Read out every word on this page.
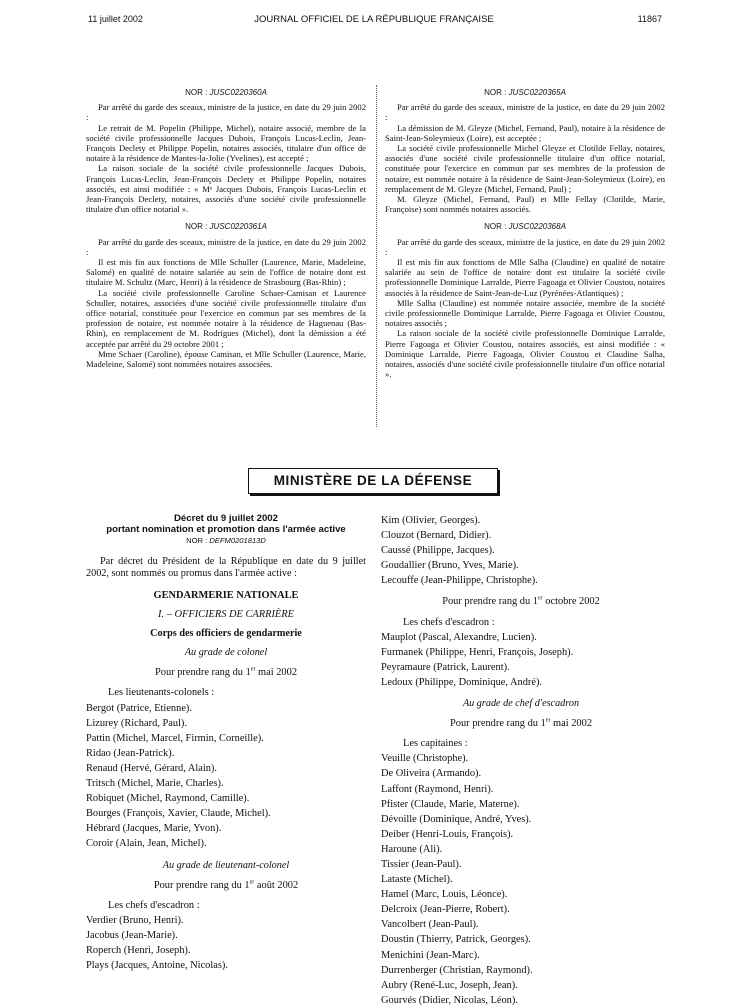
11 juillet 2002	JOURNAL OFFICIEL DE LA RÉPUBLIQUE FRANÇAISE	11867
NOR : JUSC0220360A

Par arrêté du garde des sceaux, ministre de la justice, en date du 29 juin 2002 :

Le retrait de M. Popelin (Philippe, Michel), notaire associé, membre de la société civile professionnelle Jacques Dubois, François Lucas-Leclin, Jean-François Declety et Philippe Popelin, notaires associés, titulaire d'un office de notaire à la résidence de Mantes-la-Jolie (Yvelines), est accepté ;

La raison sociale de la société civile professionnelle Jacques Dubois, François Lucas-Leclin, Jean-François Declety et Philippe Popelin, notaires associés, est ainsi modifiée : « Mᵉ Jacques Dubois, François Lucas-Leclin et Jean-François Declety, notaires, associés d'une société civile professionnelle titulaire d'un office notarial ».

NOR : JUSC0220361A

Par arrêté du garde des sceaux, ministre de la justice, en date du 29 juin 2002 :

Il est mis fin aux fonctions de Mlle Schuller (Laurence, Marie, Madeleine, Salomé) en qualité de notaire salariée au sein de l'office de notaire dont est titulaire M. Schultz (Marc, Henri) à la résidence de Strasbourg (Bas-Rhin) ;

La société civile professionnelle Caroline Schaer-Camisan et Laurence Schuller, notaires, associées d'une société civile professionnelle titulaire d'un office notarial, constituée pour l'exercice en commun par ses membres de la profession de notaire, est nommée notaire à la résidence de Haguenau (Bas-Rhin), en remplacement de M. Rodrigues (Michel), dont la démission a été acceptée par arrêté du 29 octobre 2001 ;

Mme Schaer (Caroline), épouse Camisan, et Mlle Schuller (Laurence, Marie, Madeleine, Salomé) sont nommées notaires associées.

NOR : JUSC0220365A

Par arrêté du garde des sceaux, ministre de la justice, en date du 29 juin 2002 :

La démission de M. Gleyze (Michel, Fernand, Paul), notaire à la résidence de Saint-Jean-Soleymieux (Loire), est acceptée ;

La société civile professionnelle Michel Gleyze et Clotilde Fellay, notaires, associés d'une société civile professionnelle titulaire d'un office notarial, constituée pour l'exercice en commun par ses membres de la profession de notaire, est nommée notaire à la résidence de Saint-Jean-Soleymieux (Loire), en remplacement de M. Gleyze (Michel, Fernand, Paul) ;

M. Gleyze (Michel, Fernand, Paul) et Mlle Fellay (Clotilde, Marie, Françoise) sont nommés notaires associés.

NOR : JUSC0220368A

Par arrêté du garde des sceaux, ministre de la justice, en date du 29 juin 2002 :

Il est mis fin aux fonctions de Mlle Salha (Claudine) en qualité de notaire salariée au sein de l'office de notaire dont est titulaire la société civile professionnelle Dominique Larralde, Pierre Fagoaga et Olivier Coustou, notaires associés à la résidence de Saint-Jean-de-Luz (Pyrénées-Atlantiques) ;

Mlle Salha (Claudine) est nommée notaire associée, membre de la société civile professionnelle Dominique Larralde, Pierre Fagoaga et Olivier Coustou, notaires associés ;

La raison sociale de la société civile professionnelle Dominique Larralde, Pierre Fagoaga et Olivier Coustou, notaires associés, est ainsi modifiée : « Dominique Larralde, Pierre Fagoaga, Olivier Coustou et Claudine Salha, notaires, associés d'une société civile professionnelle titulaire d'un office notarial ».

MINISTÈRE DE LA DÉFENSE
Décret du 9 juillet 2002
portant nomination et promotion dans l'armée active
NOR : DEFM0201813D
Par décret du Président de la République en date du 9 juillet 2002, sont nommés ou promus dans l'armée active :
GENDARMERIE NATIONALE
I. – OFFICIERS DE CARRIÈRE
Corps des officiers de gendarmerie
Au grade de colonel
Pour prendre rang du 1er mai 2002
Les lieutenants-colonels :
Bergot (Patrice, Etienne).
Lizurey (Richard, Paul).
Pattin (Michel, Marcel, Firmin, Corneille).
Ridao (Jean-Patrick).
Renaud (Hervé, Gérard, Alain).
Tritsch (Michel, Marie, Charles).
Robiquet (Michel, Raymond, Camille).
Bourges (François, Xavier, Claude, Michel).
Hébrard (Jacques, Marie, Yvon).
Coroir (Alain, Jean, Michel).
Au grade de lieutenant-colonel
Pour prendre rang du 1er août 2002
Les chefs d'escadron :
Verdier (Bruno, Henri).
Jacobus (Jean-Marie).
Roperch (Henri, Joseph).
Plays (Jacques, Antoine, Nicolas).
Kim (Olivier, Georges).
Clouzot (Bernard, Didier).
Caussé (Philippe, Jacques).
Goudallier (Bruno, Yves, Marie).
Lecouffe (Jean-Philippe, Christophe).
Pour prendre rang du 1er octobre 2002
Les chefs d'escadron :
Mauplot (Pascal, Alexandre, Lucien).
Furmanek (Philippe, Henri, François, Joseph).
Peyramaure (Patrick, Laurent).
Ledoux (Philippe, Dominique, André).
Au grade de chef d'escadron
Pour prendre rang du 1er mai 2002
Les capitaines :
Veuille (Christophe).
De Oliveira (Armando).
Laffont (Raymond, Henri).
Pfister (Claude, Marie, Materne).
Dévoille (Dominique, André, Yves).
Deiber (Henri-Louis, François).
Haroune (Ali).
Tissier (Jean-Paul).
Lataste (Michel).
Hamel (Marc, Louis, Léonce).
Delcroix (Jean-Pierre, Robert).
Vancolbert (Jean-Paul).
Doustin (Thierry, Patrick, Georges).
Menichini (Jean-Marc).
Durrenberger (Christian, Raymond).
Aubry (René-Luc, Joseph, Jean).
Gourvés (Didier, Nicolas, Léon).
